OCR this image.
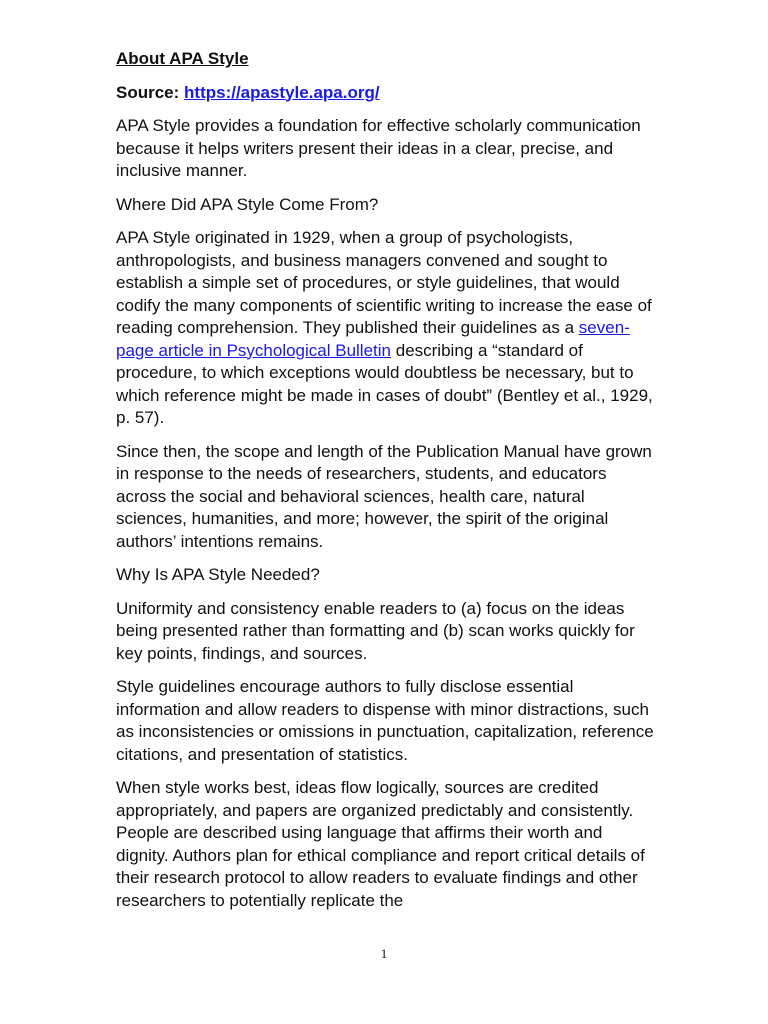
About APA Style

Source: https://apastyle.apa.org/

APA Style provides a foundation for effective scholarly communication because it helps writers present their ideas in a clear, precise, and inclusive manner.

Where Did APA Style Come From?

APA Style originated in 1929, when a group of psychologists, anthropologists, and business managers convened and sought to establish a simple set of procedures, or style guidelines, that would codify the many components of scientific writing to increase the ease of reading comprehension. They published their guidelines as a seven-page article in Psychological Bulletin describing a “standard of procedure, to which exceptions would doubtless be necessary, but to which reference might be made in cases of doubt” (Bentley et al., 1929, p. 57).

Since then, the scope and length of the Publication Manual have grown in response to the needs of researchers, students, and educators across the social and behavioral sciences, health care, natural sciences, humanities, and more; however, the spirit of the original authors’ intentions remains.

Why Is APA Style Needed?

Uniformity and consistency enable readers to (a) focus on the ideas being presented rather than formatting and (b) scan works quickly for key points, findings, and sources.

Style guidelines encourage authors to fully disclose essential information and allow readers to dispense with minor distractions, such as inconsistencies or omissions in punctuation, capitalization, reference citations, and presentation of statistics.

When style works best, ideas flow logically, sources are credited appropriately, and papers are organized predictably and consistently. People are described using language that affirms their worth and dignity. Authors plan for ethical compliance and report critical details of their research protocol to allow readers to evaluate findings and other researchers to potentially replicate the

1
